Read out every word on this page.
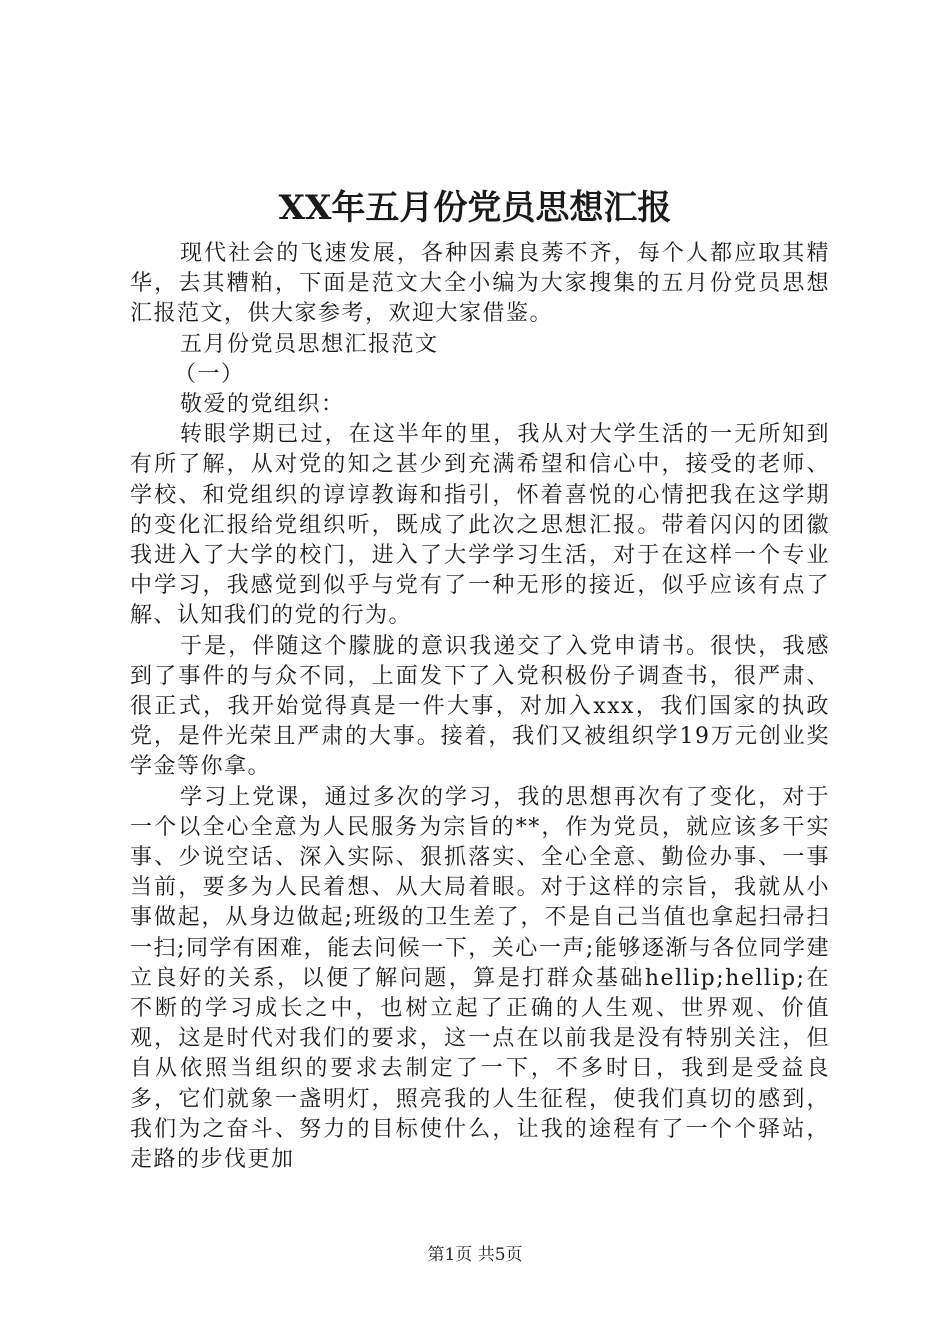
XX年五月份党员思想汇报

现代社会的飞速发展，各种因素良莠不齐，每个人都应取其精华，去其糟粕，下面是范文大全小编为大家搜集的五月份党员思想汇报范文，供大家参考，欢迎大家借鉴。

五月份党员思想汇报范文

（一）

敬爱的党组织：

转眼学期已过，在这半年的里，我从对大学生活的一无所知到有所了解，从对党的知之甚少到充满希望和信心中，接受的老师、学校、和党组织的谆谆教诲和指引，怀着喜悦的心情把我在这学期的变化汇报给党组织听，既成了此次之思想汇报。带着闪闪的团徽我进入了大学的校门，进入了大学学习生活，对于在这样一个专业中学习，我感觉到似乎与党有了一种无形的接近，似乎应该有点了解、认知我们的党的行为。

于是，伴随这个朦胧的意识我递交了入党申请书。很快，我感到了事件的与众不同，上面发下了入党积极份子调查书，很严肃、很正式，我开始觉得真是一件大事，对加入xxx，我们国家的执政党，是件光荣且严肃的大事。接着，我们又被组织学19万元创业奖学金等你拿。

学习上党课，通过多次的学习，我的思想再次有了变化，对于一个以全心全意为人民服务为宗旨的**，作为党员，就应该多干实事、少说空话、深入实际、狠抓落实、全心全意、勤俭办事、一事当前，要多为人民着想、从大局着眼。对于这样的宗旨，我就从小事做起，从身边做起;班级的卫生差了，不是自己当值也拿起扫帚扫一扫;同学有困难，能去问候一下，关心一声;能够逐渐与各位同学建立良好的关系，以便了解问题，算是打群众基础hellip;hellip;在不断的学习成长之中，也树立起了正确的人生观、世界观、价值观，这是时代对我们的要求，这一点在以前我是没有特别关注，但自从依照当组织的要求去制定了一下，不多时日，我到是受益良多，它们就象一盏明灯，照亮我的人生征程，使我们真切的感到，我们为之奋斗、努力的目标使什么，让我的途程有了一个个驿站，走路的步伐更加

第1页 共5页
